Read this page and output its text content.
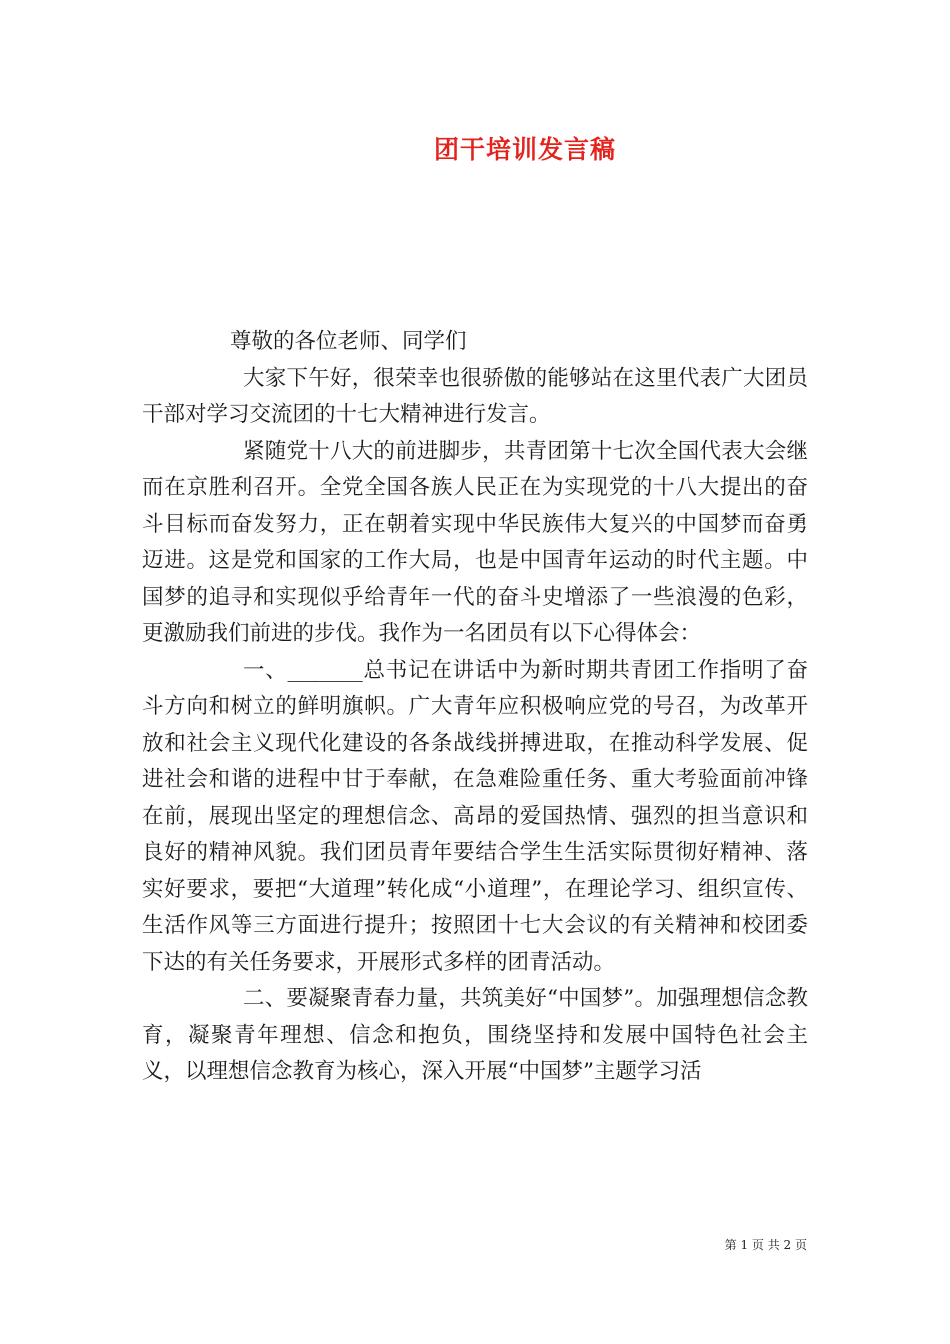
团干培训发言稿

尊敬的各位老师、同学们

大家下午好，很荣幸也很骄傲的能够站在这里代表广大团员干部对学习交流团的十七大精神进行发言。

紧随党十八大的前进脚步，共青团第十七次全国代表大会继而在京胜利召开。全党全国各族人民正在为实现党的十八大提出的奋斗目标而奋发努力，正在朝着实现中华民族伟大复兴的中国梦而奋勇迈进。这是党和国家的工作大局，也是中国青年运动的时代主题。中国梦的追寻和实现似乎给青年一代的奋斗史增添了一些浪漫的色彩，更激励我们前进的步伐。我作为一名团员有以下心得体会：

一、_______总书记在讲话中为新时期共青团工作指明了奋斗方向和树立的鲜明旗帜。广大青年应积极响应党的号召，为改革开放和社会主义现代化建设的各条战线拼搏进取，在推动科学发展、促进社会和谐的进程中甘于奉献，在急难险重任务、重大考验面前冲锋在前，展现出坚定的理想信念、高昂的爱国热情、强烈的担当意识和良好的精神风貌。我们团员青年要结合学生生活实际贯彻好精神、落实好要求，要把“大道理”转化成“小道理”，在理论学习、组织宣传、生活作风等三方面进行提升；按照团十七大会议的有关精神和校团委下达的有关任务要求，开展形式多样的团青活动。

二、要凝聚青春力量，共筑美好“中国梦”。加强理想信念教育，凝聚青年理想、信念和抱负，围绕坚持和发展中国特色社会主义，以理想信念教育为核心，深入开展“中国梦”主题学习活

第 1 页 共 2 页
